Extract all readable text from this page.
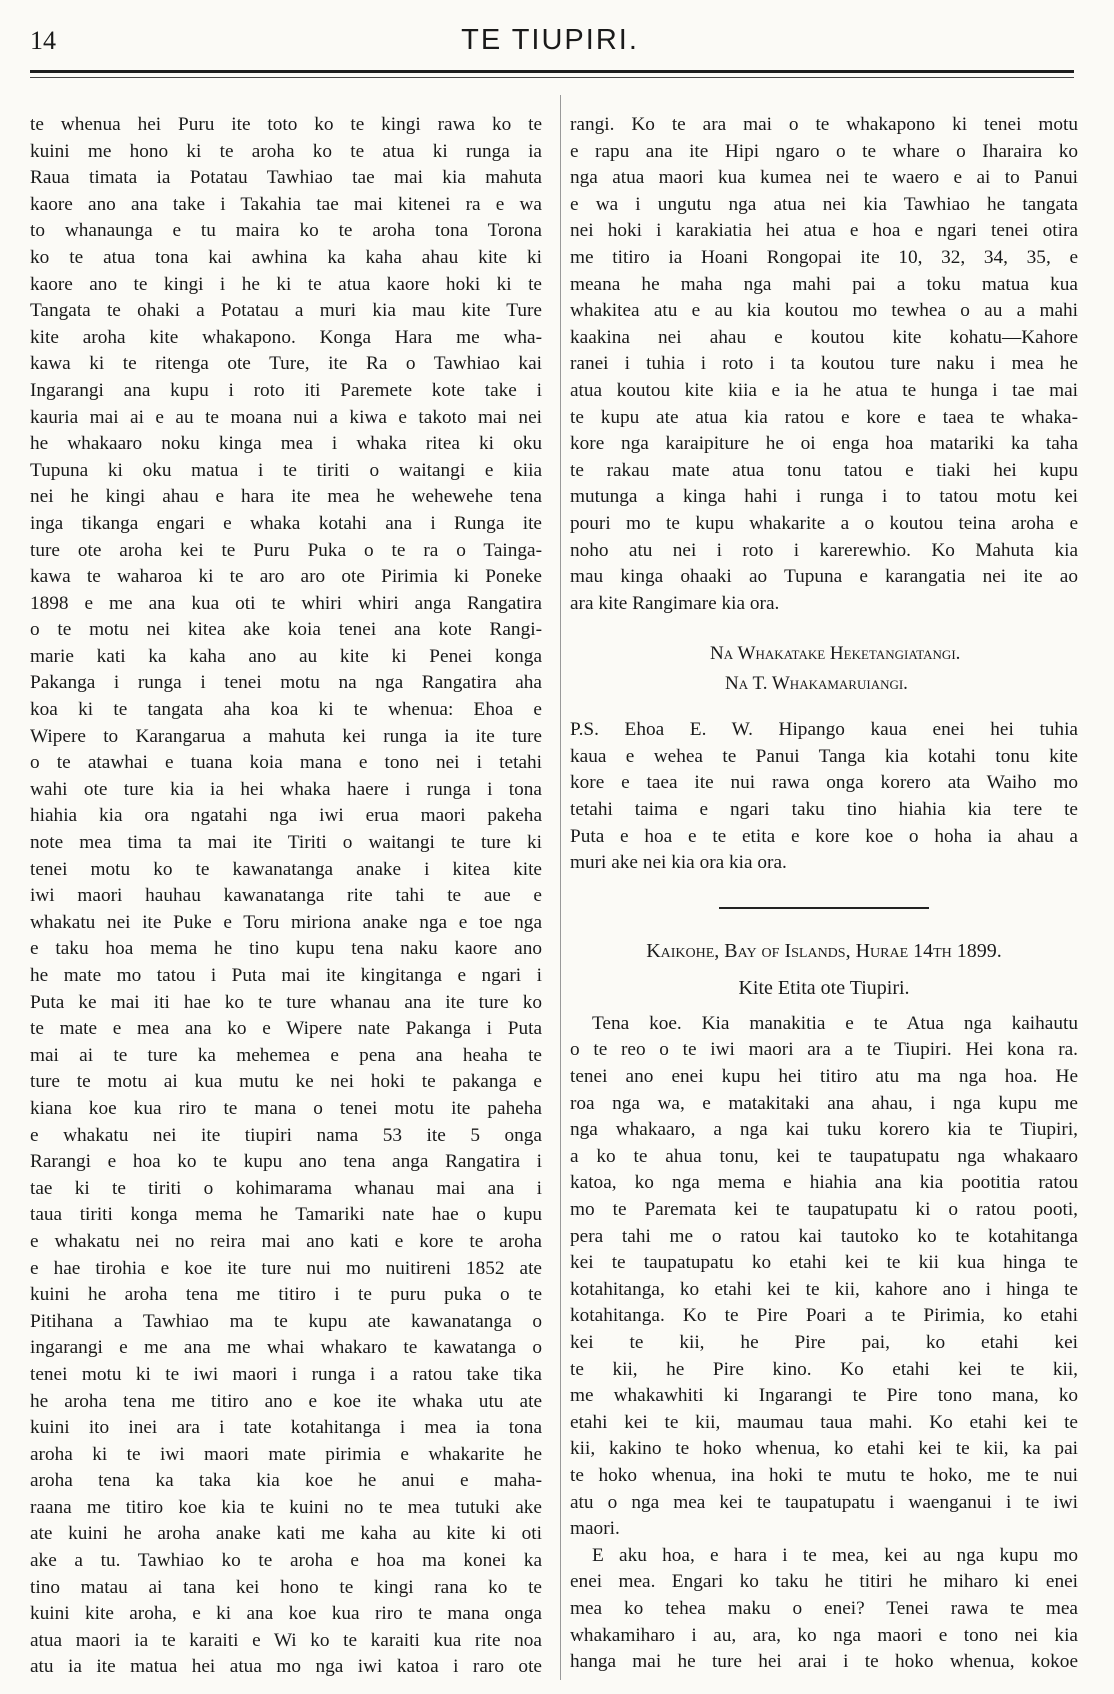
14	TE TIUPIRI.
te whenua hei Puru ite toto ko te kingi rawa ko te
kuini me hono ki te aroha ko te atua ki runga ia
Raua timata ia Potatau Tawhiao tae mai kia mahuta
kaore ano ana take i Takahia tae mai kitenei ra e wa
to whanaunga e tu maira ko te aroha tona Torona
ko te atua tona kai awhina ka kaha ahau kite ki
kaore ano te kingi i he ki te atua kaore hoki ki te
Tangata te ohaki a Potatau a muri kia mau kite Ture
kite aroha kite whakapono. Konga Hara me wha-
kawa ki te ritenga ote Ture, ite Ra o Tawhiao kai
Ingarangi ana kupu i roto iti Paremete kote take i
kauria mai ai e au te moana nui a kiwa e takoto mai nei
he whakaaro noku kinga mea i whaka ritea ki oku
Tupuna ki oku matua i te tiriti o waitangi e kiia
nei he kingi ahau e hara ite mea he wehewehe tena
inga tikanga engari e whaka kotahi ana i Runga ite
ture ote aroha kei te Puru Puka o te ra o Tainga-
kawa te waharoa ki te aro aro ote Pirimia ki Poneke
1898 e me ana kua oti te whiri whiri anga Rangatira
o te motu nei kitea ake koia tenei ana kote Rangi-
marie kati ka kaha ano au kite ki Penei konga
Pakanga i runga i tenei motu na nga Rangatira aha
koa ki te tangata aha koa ki te whenua: Ehoa e
Wipere to Karangarua a mahuta kei runga ia ite ture
o te atawhai e tuana koia mana e tono nei i tetahi
wahi ote ture kia ia hei whaka haere i runga i tona
hiahia kia ora ngatahi nga iwi erua maori pakeha
note mea tima ta mai ite Tiriti o waitangi te ture ki
tenei motu ko te kawanatanga anake i kitea kite
iwi maori hauhau kawanatanga rite tahi te aue e
whakatu nei ite Puke e Toru miriona anake nga e toe nga
e taku hoa mema he tino kupu tena naku kaore ano
he mate mo tatou i Puta mai ite kingitanga e ngari i
Puta ke mai iti hae ko te ture whanau ana ite ture ko
te mate e mea ana ko e Wipere nate Pakanga i Puta
mai ai te ture ka mehemea e pena ana heaha te
ture te motu ai kua mutu ke nei hoki te pakanga e
kiana koe kua riro te mana o tenei motu ite paheha
e whakatu nei ite tiupiri nama 53 ite 5 onga
Rarangi e hoa ko te kupu ano tena anga Rangatira i
tae ki te tiriti o kohimarama whanau mai ana i
taua tiriti konga mema he Tamariki nate hae o kupu
e whakatu nei no reira mai ano kati e kore te aroha
e hae tirohia e koe ite ture nui mo nuitireni 1852 ate
kuini he aroha tena me titiro i te puru puka o te
Pitihana a Tawhiao ma te kupu ate kawanatanga o
ingarangi e me ana me whai whakaro te kawatanga o
tenei motu ki te iwi maori i runga i a ratou take tika
he aroha tena me titiro ano e koe ite whaka utu ate
kuini ito inei ara i tate kotahitanga i mea ia tona
aroha ki te iwi maori mate pirimia e whakarite he
aroha tena ka taka kia koe he anui e maha-
raana me titiro koe kia te kuini no te mea tutuki ake
ate kuini he aroha anake kati me kaha au kite ki oti
ake a tu. Tawhiao ko te aroha e hoa ma konei ka
tino matau ai tana kei hono te kingi rana ko te
kuini kite aroha, e ki ana koe kua riro te mana onga
atua maori ia te karaiti e Wi ko te karaiti kua rite noa
atu ia ite matua hei atua mo nga iwi katoa i raro ote
rangi. Ko te ara mai o te whakapono ki tenei motu
e rapu ana ite Hipi ngaro o te whare o Iharaira ko
nga atua maori kua kumea nei te waero e ai to Panui
e wa i ungutu nga atua nei kia Tawhiao he tangata
nei hoki i karakiatia hei atua e hoa e ngari tenei otira
me titiro ia Hoani Rongopai ite 10, 32, 34, 35, e
meana he maha nga mahi pai a toku matua kua
whakitea atu e au kia koutou mo tewhea o au a mahi
kaakina nei ahau e koutou kite kohatu—Kahore
ranei i tuhia i roto i ta koutou ture naku i mea he
atua koutou kite kiia e ia he atua te hunga i tae mai
te kupu ate atua kia ratou e kore e taea te whaka-
kore nga karaipiture he oi enga hoa matariki ka taha
te rakau mate atua tonu tatou e tiaki hei kupu
mutunga a kinga hahi i runga i to tatou motu kei
pouri mo te kupu whakarite a o koutou teina aroha e
noho atu nei i roto i karerewhio. Ko Mahuta kia
mau kinga ohaaki ao Tupuna e karangatia nei ite ao
ara kite Rangimare kia ora.

Na Whakatake Heketangiatangi.

Na T. Whakamaruiangi.

P.S. Ehoa E. W. Hipango kaua enei hei tuhia
kaua e wehea te Panui Tanga kia kotahi tonu kite
kore e taea ite nui rawa onga korero ata Waiho mo
tetahi taima e ngari taku tino hiahia kia tere te
Puta e hoa e te etita e kore koe o hoha ia ahau a
muri ake nei kia ora kia ora.
Kaikohe, Bay of Islands, Hurae 14th 1899.
Kite Etita ote Tiupiri.
Tena koe. Kia manakitia e te Atua nga kaihautu
o te reo o te iwi maori ara a te Tiupiri. Hei kona ra.
tenei ano enei kupu hei titiro atu ma nga hoa. He
roa nga wa, e matakitaki ana ahau, i nga kupu me
nga whakaaro, a nga kai tuku korero kia te Tiupiri,
a ko te ahua tonu, kei te taupatupatu nga whakaaro
katoa, ko nga mema e hiahia ana kia pootitia ratou
mo te Paremata kei te taupatupatu ki o ratou pooti,
pera tahi me o ratou kai tautoko ko te kotahitanga
kei te taupatupatu ko etahi kei te kii kua hinga te
kotahitanga, ko etahi kei te kii, kahore ano i hinga te
kotahitanga. Ko te Pire Poari a te Pirimia, ko etahi
kei te kii, he Pire pai, ko etahi kei
te kii, he Pire kino. Ko etahi kei te kii,
me whakawhiti ki Ingarangi te Pire tono mana, ko
etahi kei te kii, maumau taua mahi. Ko etahi kei te
kii, kakino te hoko whenua, ko etahi kei te kii, ka pai
te hoko whenua, ina hoki te mutu te hoko, me te nui
atu o nga mea kei te taupatupatu i waenganui i te iwi
maori.
E aku hoa, e hara i te mea, kei au nga kupu mo
enei mea. Engari ko taku he titiri he miharo ki enei
mea ko tehea maku o enei? Tenei rawa te mea
whakamiharo i au, ara, ko nga maori e tono nei kia
hanga mai he ture hei arai i te hoko whenua, kokoe
